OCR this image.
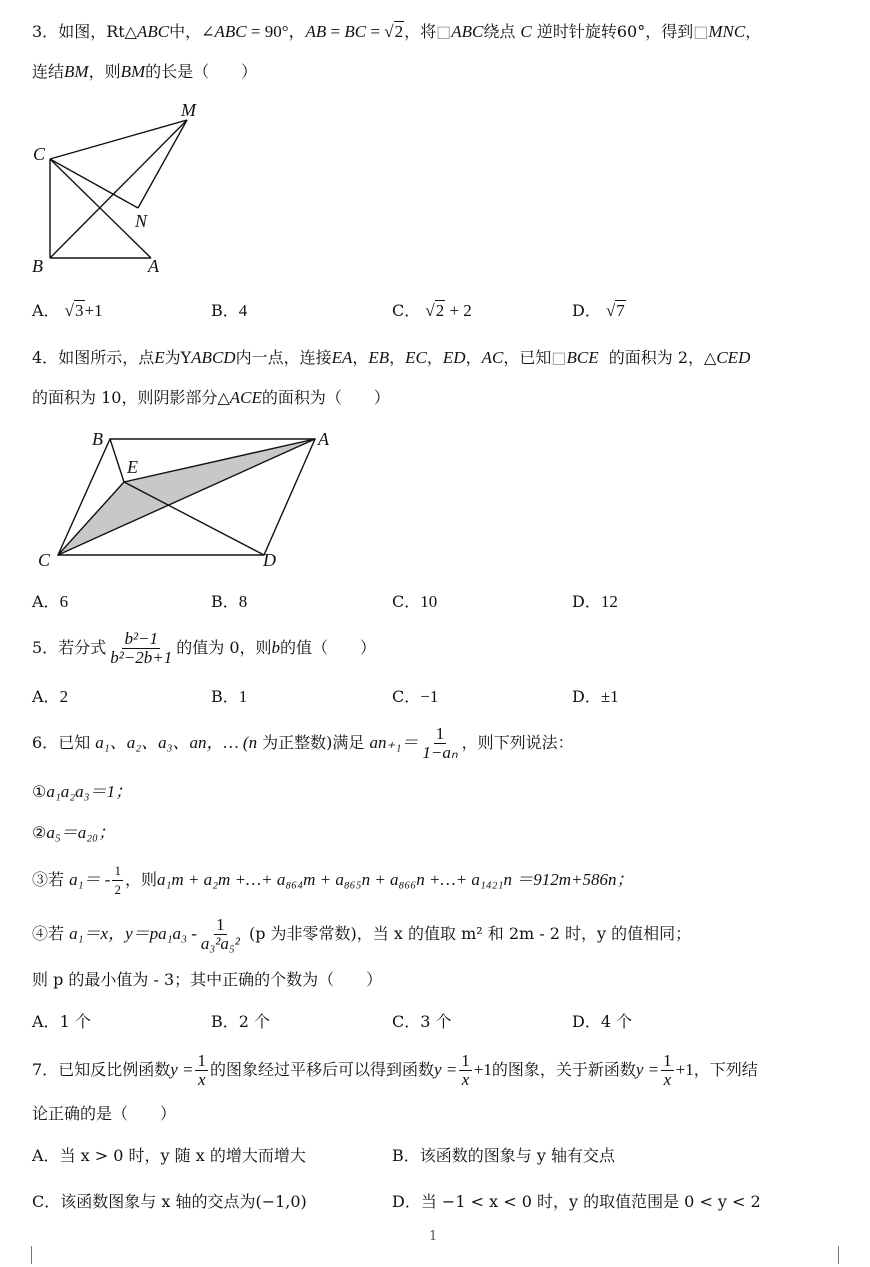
3．如图，Rt△ABC中，∠ABC = 90°，AB = BC = √2，将□ABC绕点 C 逆时针旋转60°，得到□MNC，
连结BM，则BM的长是（　　）
M
C
N
B	A
A． √3+1	B．4	C． √2 + 2	D． √7
4．如图所示，点E为YABCD内一点，连接EA，EB，EC，ED，AC，已知□BCE 的面积为 2，△CED
的面积为 10，则阴影部分△ACE的面积为（　　）
B	A
E
C	D
A．6	B．8	C．10	D．12
5．若分式 $\frac{\text{b²−1}}{\text{b²−2b+1}}$ 的值为 0，则b的值（　　）
A．2	B．1	C．−1	D．±1
6．已知 a₁、a₂、a₃、an，… (n 为正整数)满足 $an_{+1}= \frac{1}{\text{1−aₙ}}$ ，则下列说法：
①a₁a₂a₃＝1；
②a₅＝a₂₀；
③若 $a_1= - \frac{1}{2}$ ，则a₁m + a₂m +…+ a₈₆₄m + a₈₆₅n + a₈₆₆n +…+ a₁₄₂₁n ＝912m+586n；
④若 a₁＝x，$y=pa_1a_3 - \frac{1}{\text{a₃²a₅²}} (p$ 为非零常数)，当 x 的值取 m² 和 2m - 2 时，y 的值相同；
则 p 的最小值为 - 3；其中正确的个数为（　　）
A．1 个	B．2 个	C．3 个	D．4 个
7．已知反比例函数$y = \frac{1}{x}$ 的图象经过平移后可以得到函数$y = \frac{1}{x} +1$的图象，关于新函数$y = \frac{1}{x} +1$，下列结
论正确的是（　　）
A．当 x > 0 时，y 随 x 的增大而增大	B．该函数的图象与 y 轴有交点
C．该函数图象与 x 轴的交点为(−1,0)	D．当 −1 < x < 0 时，y 的取值范围是 0 < y < 2
1
